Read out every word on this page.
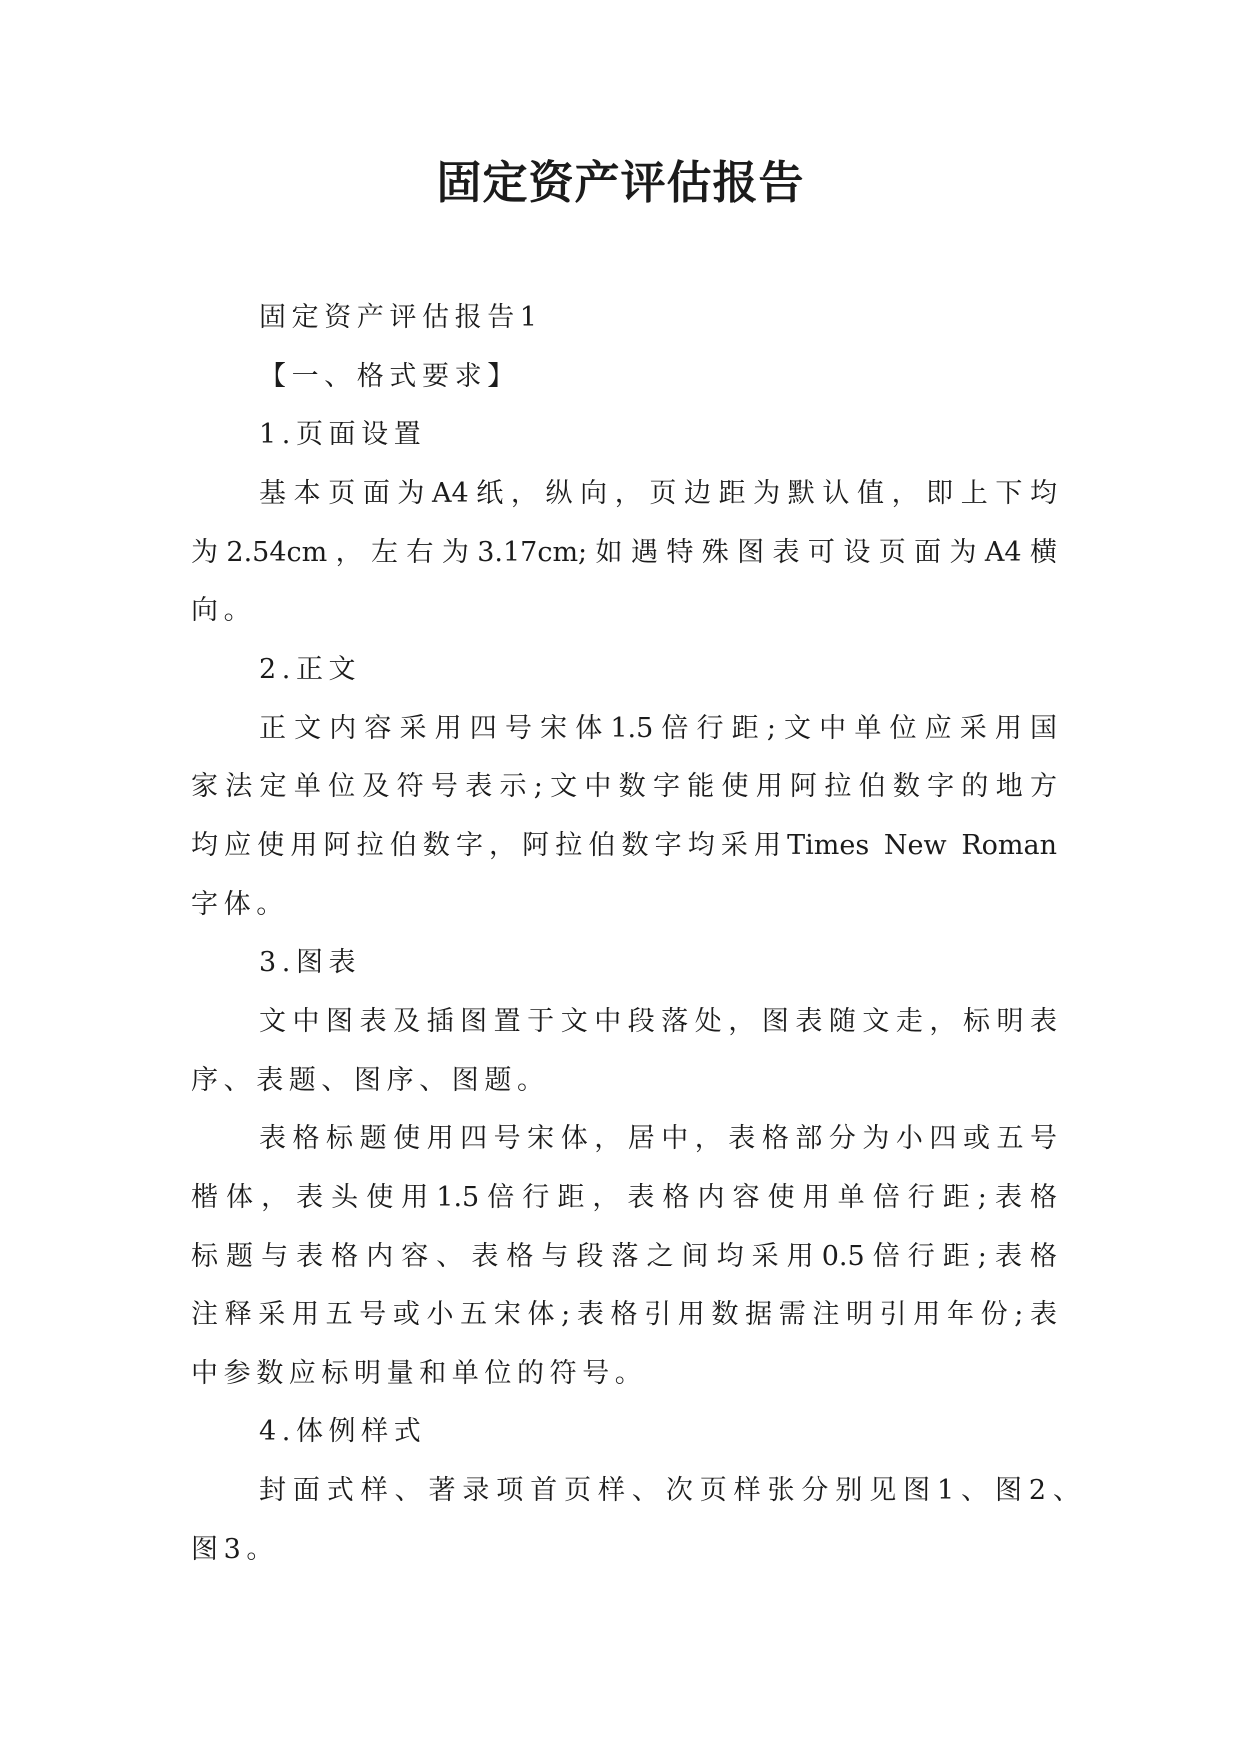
固定资产评估报告
固定资产评估报告1
【一、格式要求】
1.页面设置
基本页面为A4纸，纵向，页边距为默认值，即上下均
为2.54cm，左右为3.17cm;如遇特殊图表可设页面为A4横
向。
2.正文
正文内容采用四号宋体1.5倍行距;文中单位应采用国
家法定单位及符号表示;文中数字能使用阿拉伯数字的地方
均应使用阿拉伯数字，阿拉伯数字均采用Times New Roman
字体。
3.图表
文中图表及插图置于文中段落处，图表随文走，标明表
序、表题、图序、图题。
表格标题使用四号宋体，居中，表格部分为小四或五号
楷体，表头使用1.5倍行距，表格内容使用单倍行距;表格
标题与表格内容、表格与段落之间均采用0.5倍行距;表格
注释采用五号或小五宋体;表格引用数据需注明引用年份;表
中参数应标明量和单位的符号。
4.体例样式
封面式样、著录项首页样、次页样张分别见图1、图2、
图3。
